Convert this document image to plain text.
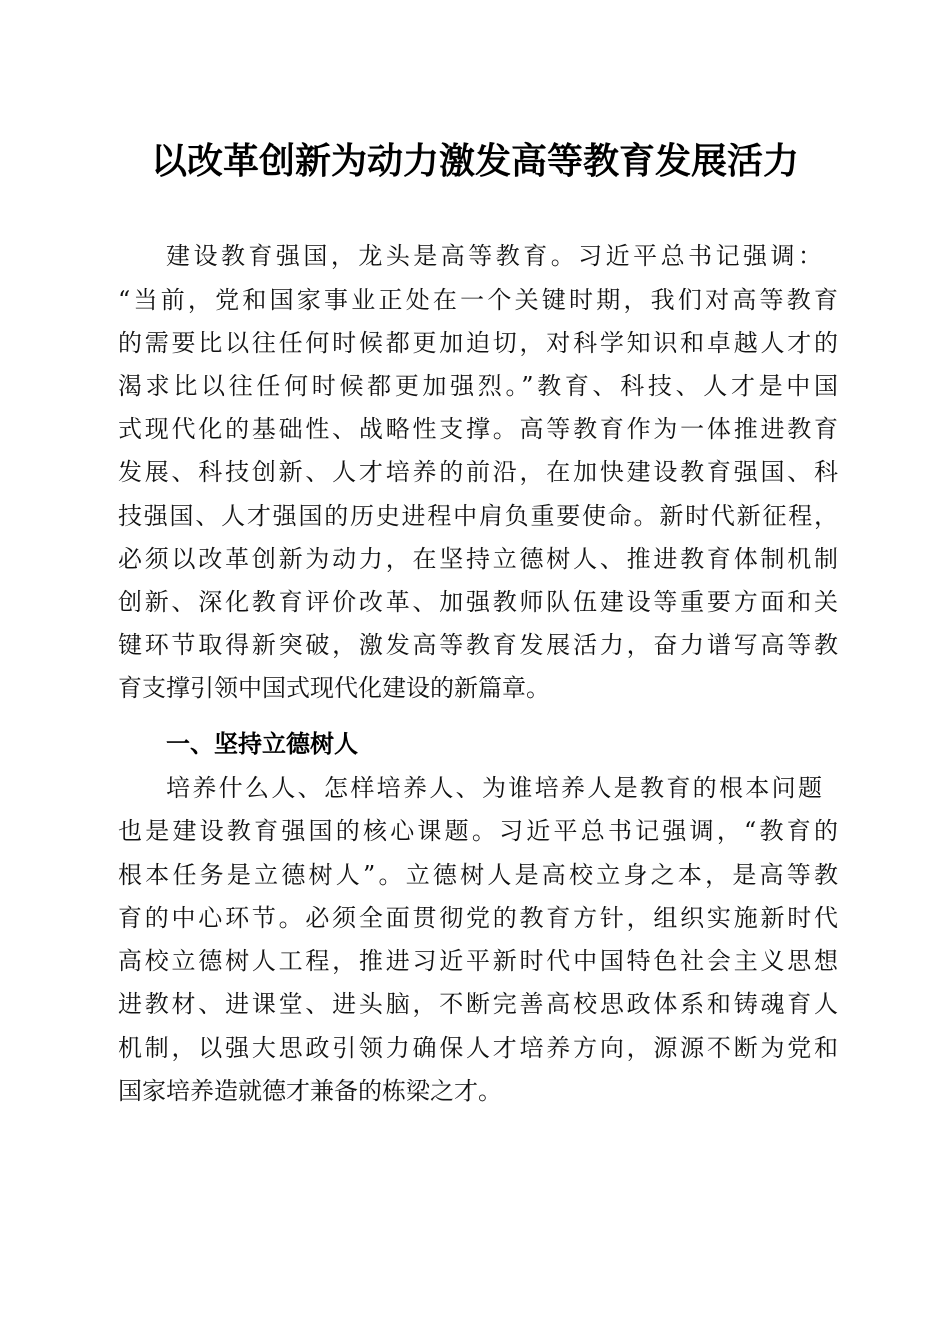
以改革创新为动力激发高等教育发展活力

建设教育强国，龙头是高等教育。习近平总书记强调：

“当前，党和国家事业正处在一个关键时期，我们对高等教育

的需要比以往任何时候都更加迫切，对科学知识和卓越人才的

渴求比以往任何时候都更加强烈。”教育、科技、人才是中国

式现代化的基础性、战略性支撑。高等教育作为一体推进教育

发展、科技创新、人才培养的前沿，在加快建设教育强国、科

技强国、人才强国的历史进程中肩负重要使命。新时代新征程，

必须以改革创新为动力，在坚持立德树人、推进教育体制机制

创新、深化教育评价改革、加强教师队伍建设等重要方面和关

键环节取得新突破，激发高等教育发展活力，奋力谱写高等教

育支撑引领中国式现代化建设的新篇章。

一、坚持立德树人

培养什么人、怎样培养人、为谁培养人是教育的根本问题

也是建设教育强国的核心课题。习近平总书记强调，“教育的

根本任务是立德树人”。立德树人是高校立身之本，是高等教

育的中心环节。必须全面贯彻党的教育方针，组织实施新时代

高校立德树人工程，推进习近平新时代中国特色社会主义思想

进教材、进课堂、进头脑，不断完善高校思政体系和铸魂育人

机制，以强大思政引领力确保人才培养方向，源源不断为党和

国家培养造就德才兼备的栋梁之才。
